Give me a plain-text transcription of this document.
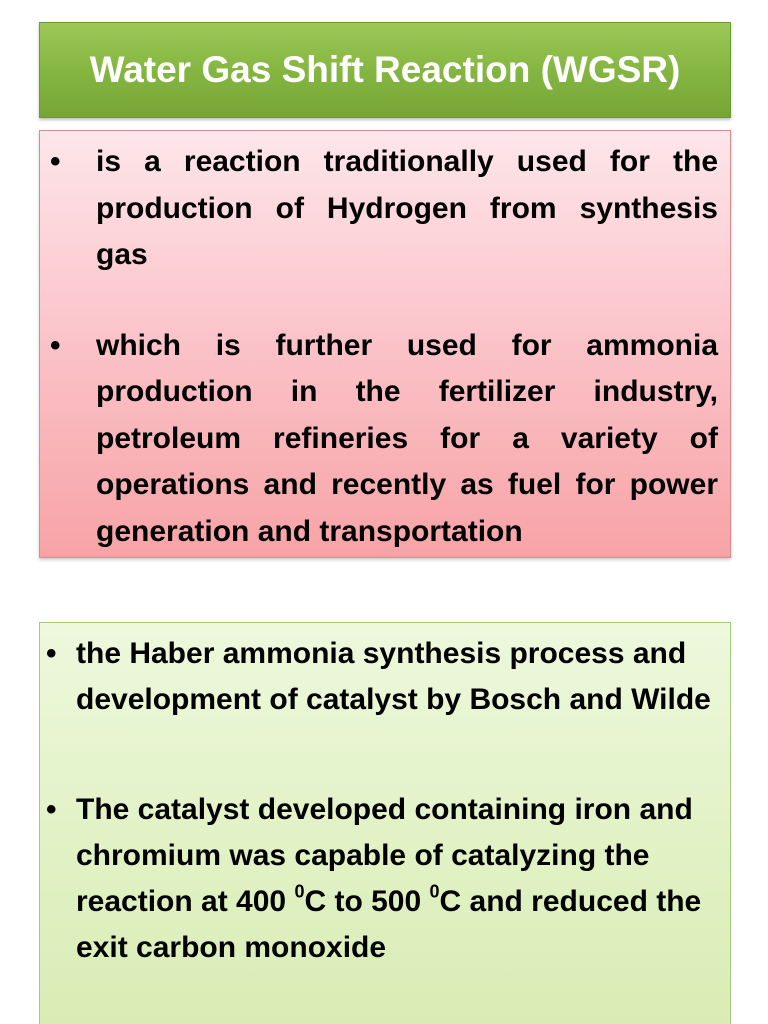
Water Gas Shift Reaction (WGSR)
•	is a reaction traditionally used for the production of Hydrogen from synthesis gas
•	which is further used for ammonia production in the fertilizer industry, petroleum refineries for a variety of operations and recently as fuel for power generation and transportation
• the Haber ammonia synthesis process and development of catalyst by Bosch and Wilde
• The catalyst developed containing iron and chromium was capable of catalyzing the reaction at 400 $^0$C to 500 $^0$C and reduced the exit carbon monoxide
